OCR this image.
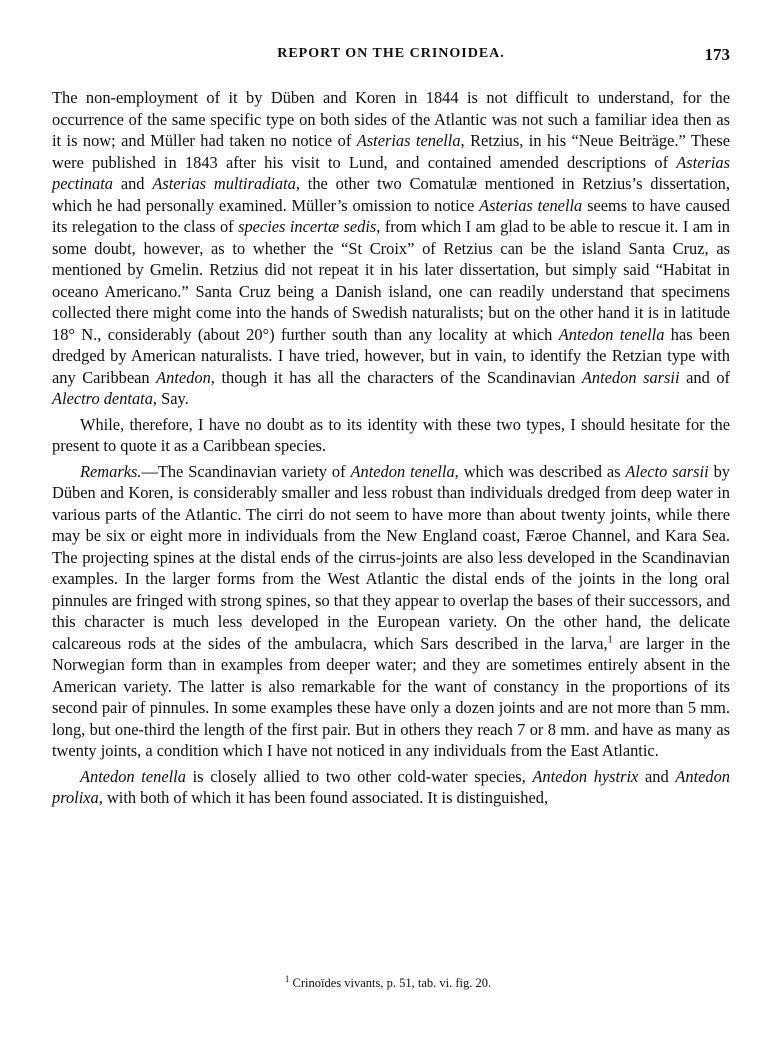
REPORT ON THE CRINOIDEA.	173

The non-employment of it by Düben and Koren in 1844 is not difficult to understand, for the occurrence of the same specific type on both sides of the Atlantic was not such a familiar idea then as it is now; and Müller had taken no notice of Asterias tenella, Retzius, in his “Neue Beiträge.” These were published in 1843 after his visit to Lund, and contained amended descriptions of Asterias pectinata and Asterias multiradiata, the other two Comatulæ mentioned in Retzius’s dissertation, which he had personally examined. Müller’s omission to notice Asterias tenella seems to have caused its relegation to the class of species incertæ sedis, from which I am glad to be able to rescue it. I am in some doubt, however, as to whether the “St Croix” of Retzius can be the island Santa Cruz, as mentioned by Gmelin. Retzius did not repeat it in his later dissertation, but simply said “Habitat in oceano Americano.” Santa Cruz being a Danish island, one can readily understand that specimens collected there might come into the hands of Swedish naturalists; but on the other hand it is in latitude 18° N., considerably (about 20°) further south than any locality at which Antedon tenella has been dredged by American naturalists. I have tried, however, but in vain, to identify the Retzian type with any Caribbean Antedon, though it has all the characters of the Scandinavian Antedon sarsii and of Alectro dentata, Say.

While, therefore, I have no doubt as to its identity with these two types, I should hesitate for the present to quote it as a Caribbean species.

Remarks.—The Scandinavian variety of Antedon tenella, which was described as Alecto sarsii by Düben and Koren, is considerably smaller and less robust than individuals dredged from deep water in various parts of the Atlantic. The cirri do not seem to have more than about twenty joints, while there may be six or eight more in individuals from the New England coast, Færoe Channel, and Kara Sea. The projecting spines at the distal ends of the cirrus-joints are also less developed in the Scandinavian examples. In the larger forms from the West Atlantic the distal ends of the joints in the long oral pinnules are fringed with strong spines, so that they appear to overlap the bases of their successors, and this character is much less developed in the European variety. On the other hand, the delicate calcareous rods at the sides of the ambulacra, which Sars described in the larva,$^1$ are larger in the Norwegian form than in examples from deeper water; and they are sometimes entirely absent in the American variety. The latter is also remarkable for the want of constancy in the proportions of its second pair of pinnules. In some examples these have only a dozen joints and are not more than 5 mm. long, but one-third the length of the first pair. But in others they reach 7 or 8 mm. and have as many as twenty joints, a condition which I have not noticed in any individuals from the East Atlantic.

Antedon tenella is closely allied to two other cold-water species, Antedon hystrix and Antedon prolixa, with both of which it has been found associated. It is distinguished,

$^1$ Crinoïdes vivants, p. 51, tab. vi. fig. 20.
